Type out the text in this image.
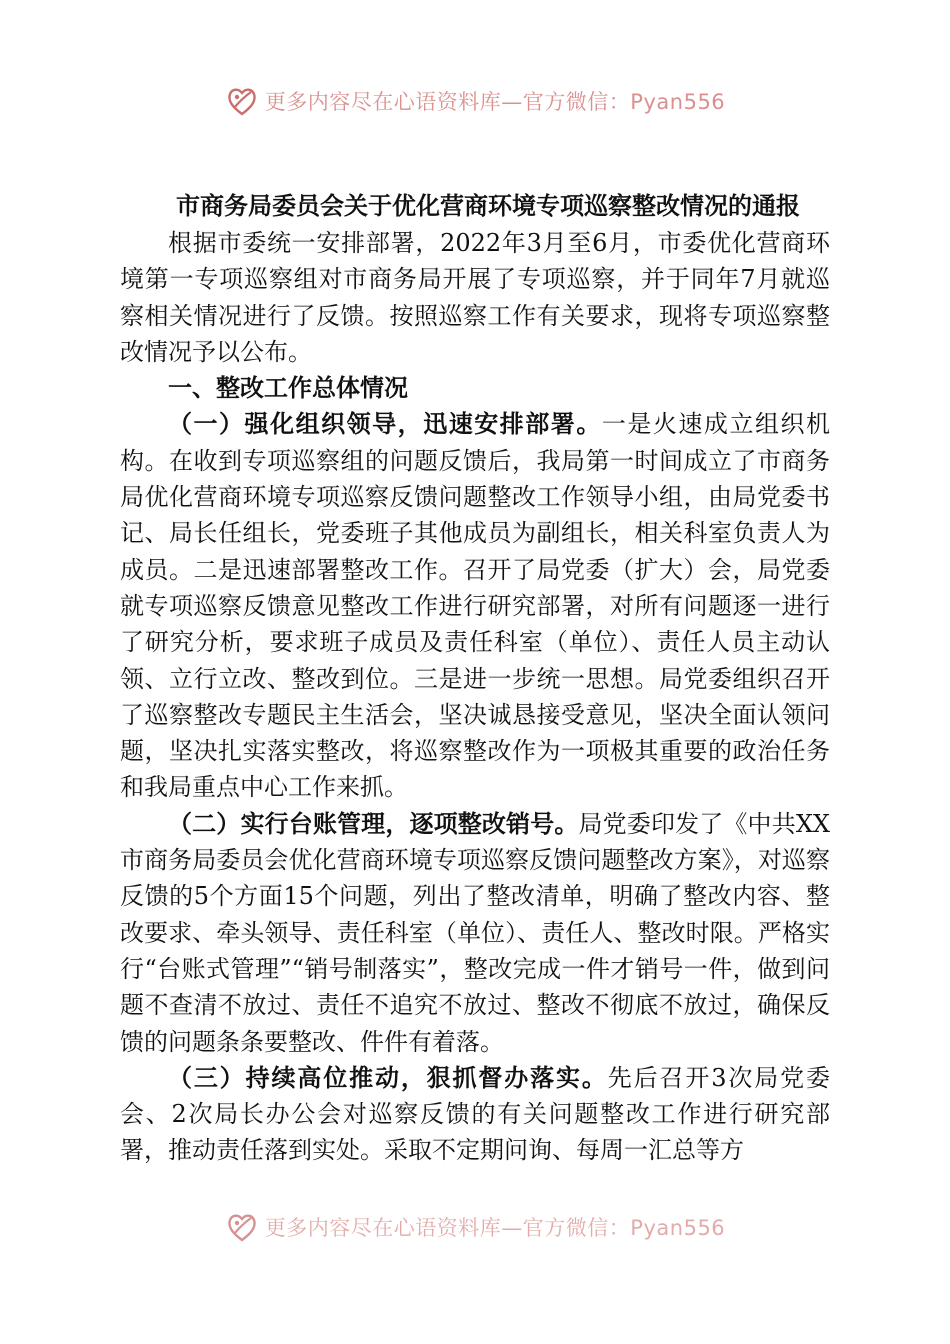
更多内容尽在心语资料库—官方微信：Pyan556
市商务局委员会关于优化营商环境专项巡察整改情况的通报

根据市委统一安排部署，2022年3月至6月，市委优化营商环境第一专项巡察组对市商务局开展了专项巡察，并于同年7月就巡察相关情况进行了反馈。按照巡察工作有关要求，现将专项巡察整改情况予以公布。

一、整改工作总体情况

（一）强化组织领导，迅速安排部署。一是火速成立组织机构。在收到专项巡察组的问题反馈后，我局第一时间成立了市商务局优化营商环境专项巡察反馈问题整改工作领导小组，由局党委书记、局长任组长，党委班子其他成员为副组长，相关科室负责人为成员。二是迅速部署整改工作。召开了局党委（扩大）会，局党委就专项巡察反馈意见整改工作进行研究部署，对所有问题逐一进行了研究分析，要求班子成员及责任科室（单位）、责任人员主动认领、立行立改、整改到位。三是进一步统一思想。局党委组织召开了巡察整改专题民主生活会，坚决诚恳接受意见，坚决全面认领问题，坚决扎实落实整改，将巡察整改作为一项极其重要的政治任务和我局重点中心工作来抓。

（二）实行台账管理，逐项整改销号。局党委印发了《中共XX市商务局委员会优化营商环境专项巡察反馈问题整改方案》，对巡察反馈的5个方面15个问题，列出了整改清单，明确了整改内容、整改要求、牵头领导、责任科室（单位）、责任人、整改时限。严格实行“台账式管理”“销号制落实”，整改完成一件才销号一件，做到问题不查清不放过、责任不追究不放过、整改不彻底不放过，确保反馈的问题条条要整改、件件有着落。

（三）持续高位推动，狠抓督办落实。先后召开3次局党委会、2次局长办公会对巡察反馈的有关问题整改工作进行研究部署，推动责任落到实处。采取不定期问询、每周一汇总等方

更多内容尽在心语资料库—官方微信：Pyan556
